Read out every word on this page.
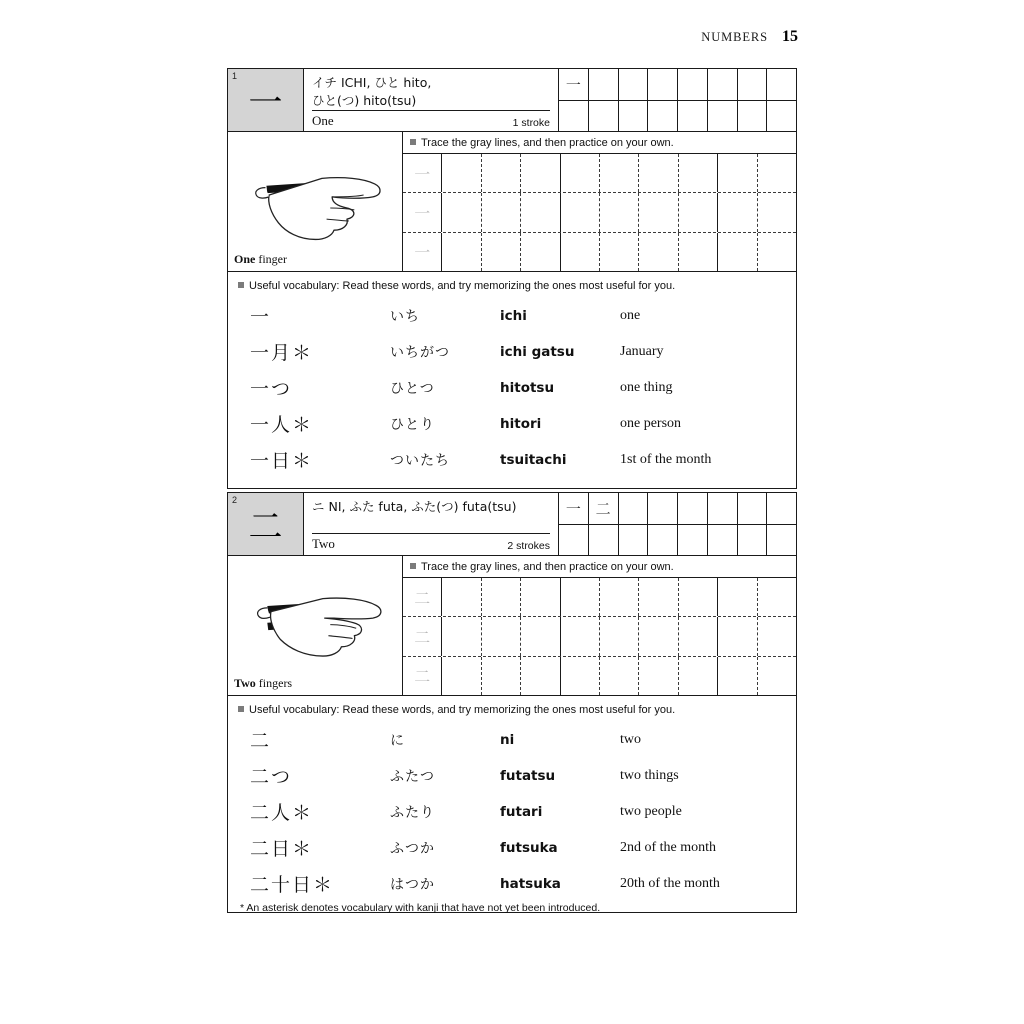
NUMBERS 15
1
一
イチ ICHI, ひと hito,
ひと(つ) hito(tsu)
One	1 stroke
一
One finger
Trace the gray lines, and then practice on your own.
一
一
一
Useful vocabulary: Read these words, and try memorizing the ones most useful for you.
一	いち	ichi	one
一月＊	いちがつ	ichi gatsu	January
一つ	ひとつ	hitotsu	one thing
一人＊	ひとり	hitori	one person
一日＊	ついたち	tsuitachi	1st of the month
2
二
ニ NI, ふた futa, ふた(つ) futa(tsu)
Two	2 strokes
一 二
Two fingers
Trace the gray lines, and then practice on your own.
二
二
二
Useful vocabulary: Read these words, and try memorizing the ones most useful for you.
二	に	ni	two
二つ	ふたつ	futatsu	two things
二人＊	ふたり	futari	two people
二日＊	ふつか	futsuka	2nd of the month
二十日＊	はつか	hatsuka	20th of the month
* An asterisk denotes vocabulary with kanji that have not yet been introduced.
